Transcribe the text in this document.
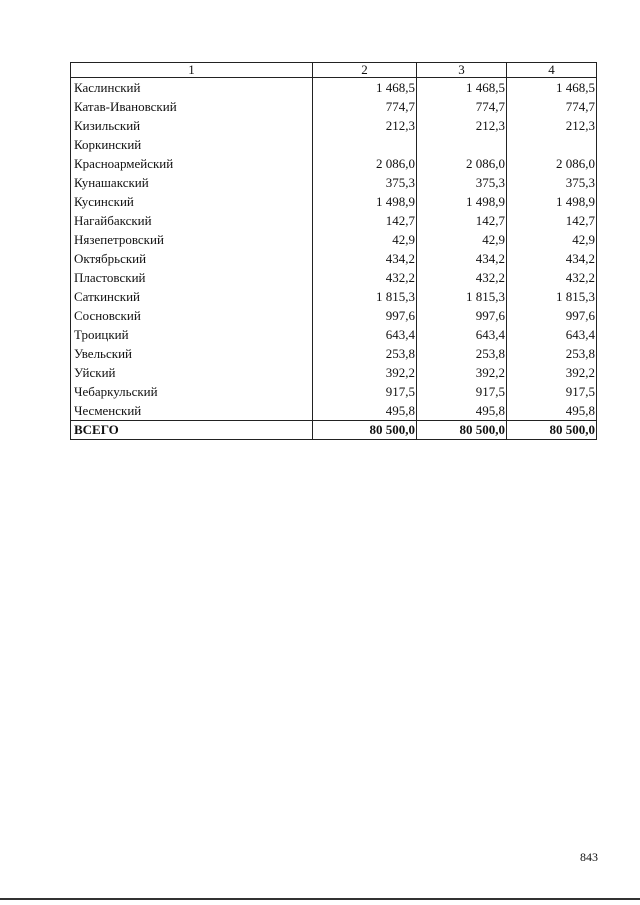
1	2	3	4
Каслинский	1 468,5	1 468,5	1 468,5
Катав-Ивановский	774,7	774,7	774,7
Кизильский	212,3	212,3	212,3
Коркинский			
Красноармейский	2 086,0	2 086,0	2 086,0
Кунашакский	375,3	375,3	375,3
Кусинский	1 498,9	1 498,9	1 498,9
Нагайбакский	142,7	142,7	142,7
Нязепетровский	42,9	42,9	42,9
Октябрьский	434,2	434,2	434,2
Пластовский	432,2	432,2	432,2
Саткинский	1 815,3	1 815,3	1 815,3
Сосновский	997,6	997,6	997,6
Троицкий	643,4	643,4	643,4
Увельский	253,8	253,8	253,8
Уйский	392,2	392,2	392,2
Чебаркульский	917,5	917,5	917,5
Чесменский	495,8	495,8	495,8
ВСЕГО	80 500,0	80 500,0	80 500,0
843
